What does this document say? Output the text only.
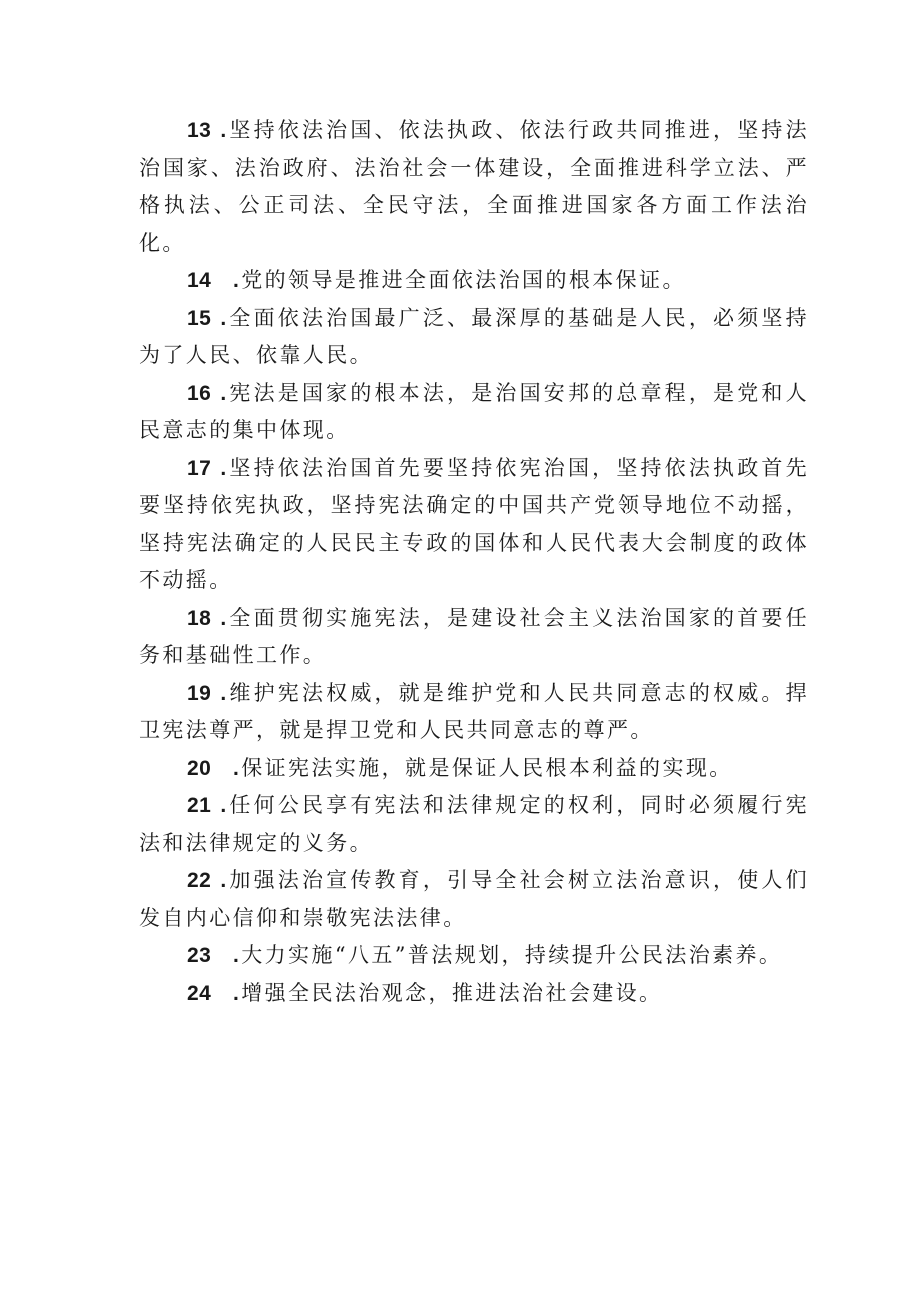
13 .坚持依法治国、依法执政、依法行政共同推进，坚持法治国家、法治政府、法治社会一体建设，全面推进科学立法、严格执法、公正司法、全民守法，全面推进国家各方面工作法治化。

14 .党的领导是推进全面依法治国的根本保证。

15 .全面依法治国最广泛、最深厚的基础是人民，必须坚持为了人民、依靠人民。

16 .宪法是国家的根本法，是治国安邦的总章程，是党和人民意志的集中体现。

17 .坚持依法治国首先要坚持依宪治国，坚持依法执政首先要坚持依宪执政，坚持宪法确定的中国共产党领导地位不动摇，坚持宪法确定的人民民主专政的国体和人民代表大会制度的政体不动摇。

18 .全面贯彻实施宪法，是建设社会主义法治国家的首要任务和基础性工作。

19 .维护宪法权威，就是维护党和人民共同意志的权威。捍卫宪法尊严，就是捍卫党和人民共同意志的尊严。

20 .保证宪法实施，就是保证人民根本利益的实现。

21 .任何公民享有宪法和法律规定的权利，同时必须履行宪法和法律规定的义务。

22 .加强法治宣传教育，引导全社会树立法治意识，使人们发自内心信仰和崇敬宪法法律。

23 .大力实施“八五”普法规划，持续提升公民法治素养。

24 .增强全民法治观念，推进法治社会建设。
